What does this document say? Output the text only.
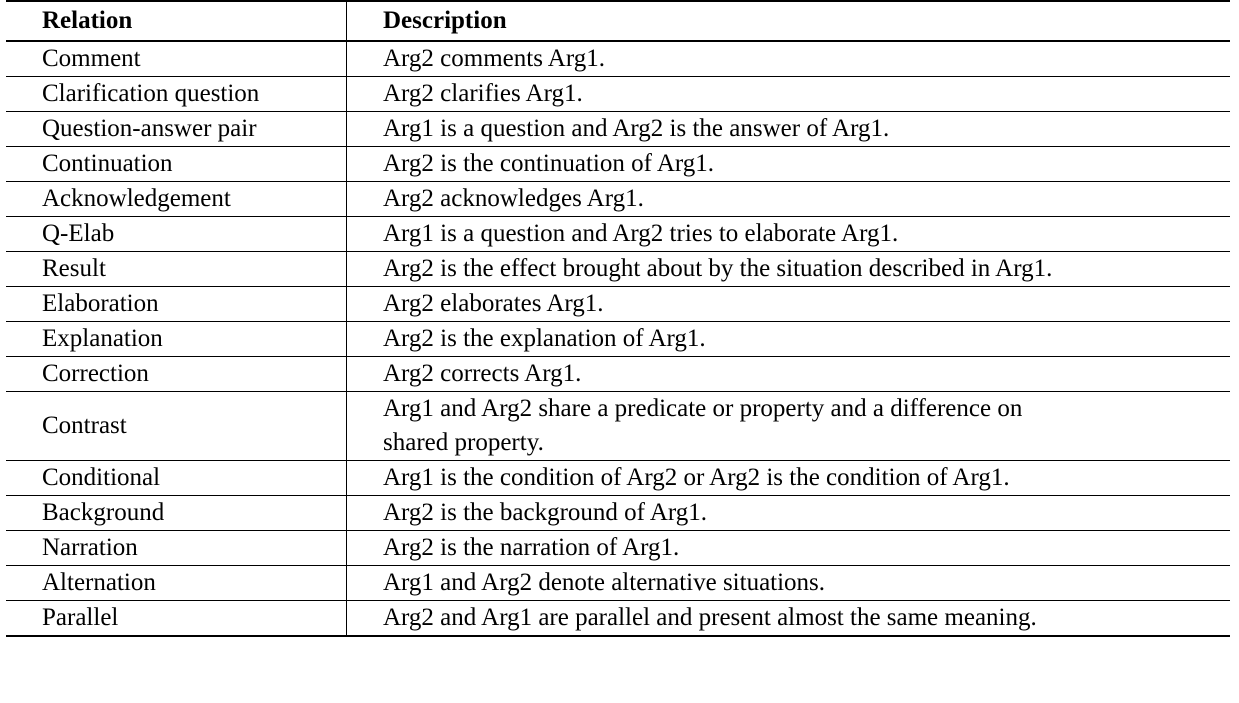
Relation	Description
Comment	Arg2 comments Arg1.
Clarification question	Arg2 clarifies Arg1.
Question-answer pair	Arg1 is a question and Arg2 is the answer of Arg1.
Continuation	Arg2 is the continuation of Arg1.
Acknowledgement	Arg2 acknowledges Arg1.
Q-Elab	Arg1 is a question and Arg2 tries to elaborate Arg1.
Result	Arg2 is the effect brought about by the situation described in Arg1.
Elaboration	Arg2 elaborates Arg1.
Explanation	Arg2 is the explanation of Arg1.
Correction	Arg2 corrects Arg1.
Contrast	Arg1 and Arg2 share a predicate or property and a difference on
shared property.
Conditional	Arg1 is the condition of Arg2 or Arg2 is the condition of Arg1.
Background	Arg2 is the background of Arg1.
Narration	Arg2 is the narration of Arg1.
Alternation	Arg1 and Arg2 denote alternative situations.
Parallel	Arg2 and Arg1 are parallel and present almost the same meaning.
